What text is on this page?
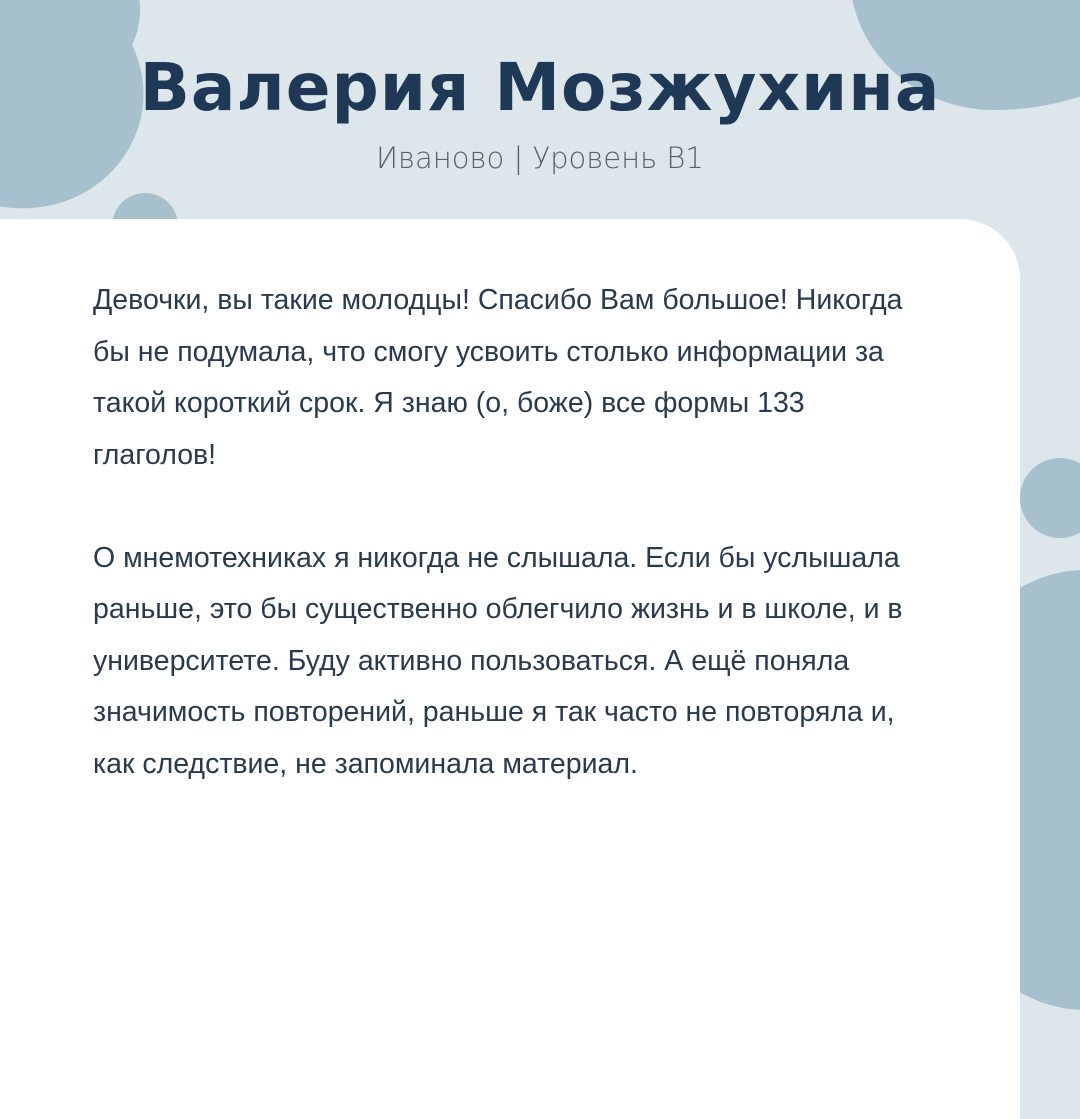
Валерия Мозжухина
Иваново | Уровень B1

Девочки, вы такие молодцы! Спасибо Вам большое! Никогда бы не подумала, что смогу усвоить столько информации за такой короткий срок. Я знаю (о, боже) все формы 133 глаголов!

О мнемотехниках я никогда не слышала. Если бы услышала раньше, это бы существенно облегчило жизнь и в школе, и в университете. Буду активно пользоваться. А ещё поняла значимость повторений, раньше я так часто не повторяла и, как следствие, не запоминала материал.
